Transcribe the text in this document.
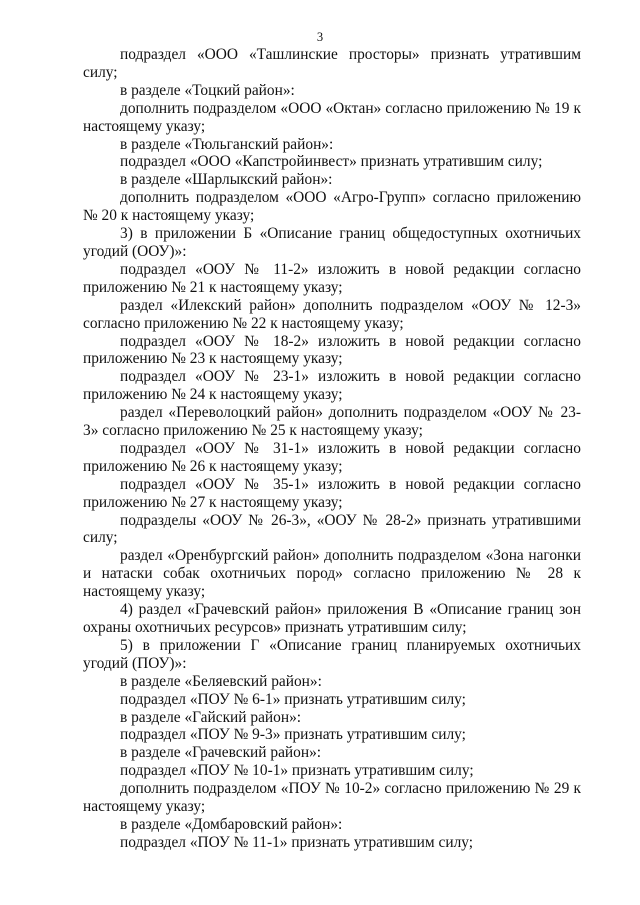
3

подраздел «ООО «Ташлинские просторы» признать утратившим силу;

в разделе «Тоцкий район»:

дополнить подразделом «ООО «Октан» согласно приложению № 19 к настоящему указу;

в разделе «Тюльганский район»:

подраздел «ООО «Капстройинвест» признать утратившим силу;

в разделе «Шарлыкский район»:

дополнить подразделом «ООО «Агро-Групп» согласно приложению № 20 к настоящему указу;

3) в приложении Б «Описание границ общедоступных охотничьих угодий (ООУ)»:

подраздел «ООУ № 11-2» изложить в новой редакции согласно приложению № 21 к настоящему указу;

раздел «Илекский район» дополнить подразделом «ООУ № 12-3» согласно приложению № 22 к настоящему указу;

подраздел «ООУ № 18-2» изложить в новой редакции согласно приложению № 23 к настоящему указу;

подраздел «ООУ № 23-1» изложить в новой редакции согласно приложению № 24 к настоящему указу;

раздел «Переволоцкий район» дополнить подразделом «ООУ № 23-3» согласно приложению № 25 к настоящему указу;

подраздел «ООУ № 31-1» изложить в новой редакции согласно приложению № 26 к настоящему указу;

подраздел «ООУ № 35-1» изложить в новой редакции согласно приложению № 27 к настоящему указу;

подразделы «ООУ № 26-3», «ООУ № 28-2» признать утратившими силу;

раздел «Оренбургский район» дополнить подразделом «Зона нагонки и натаски собак охотничьих пород» согласно приложению № 28 к настоящему указу;

4) раздел «Грачевский район» приложения В «Описание границ зон охраны охотничьих ресурсов» признать утратившим силу;

5) в приложении Г «Описание границ планируемых охотничьих угодий (ПОУ)»:

в разделе «Беляевский район»:

подраздел «ПОУ № 6-1» признать утратившим силу;

в разделе «Гайский район»:

подраздел «ПОУ № 9-3» признать утратившим силу;

в разделе «Грачевский район»:

подраздел «ПОУ № 10-1» признать утратившим силу;

дополнить подразделом «ПОУ № 10-2» согласно приложению № 29 к настоящему указу;

в разделе «Домбаровский район»:

подраздел «ПОУ № 11-1» признать утратившим силу;
